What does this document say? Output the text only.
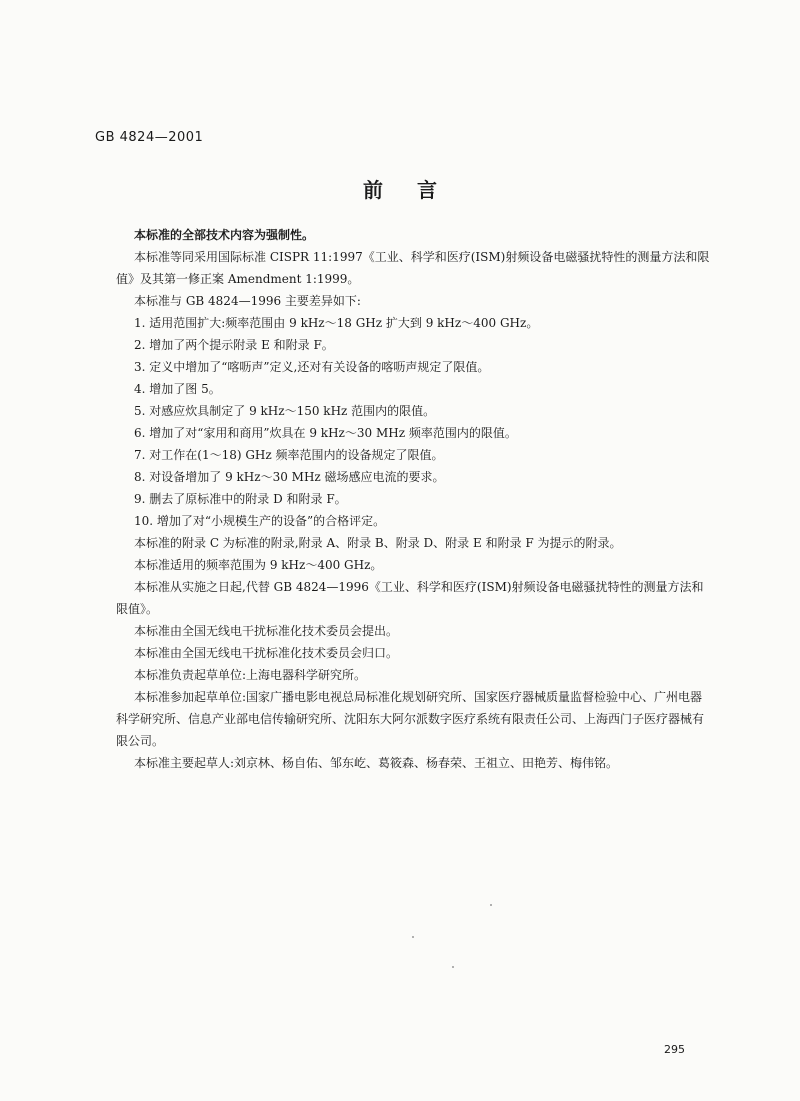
GB 4824—2001
前言

本标准的全部技术内容为强制性。

本标准等同采用国际标准 CISPR 11:1997《工业、科学和医疗(ISM)射频设备电磁骚扰特性的测量方法和限值》及其第一修正案 Amendment 1:1999。

本标准与 GB 4824—1996 主要差异如下:

1. 适用范围扩大:频率范围由 9 kHz～18 GHz 扩大到 9 kHz～400 GHz。

2. 增加了两个提示附录 E 和附录 F。

3. 定义中增加了“喀呖声”定义,还对有关设备的喀呖声规定了限值。

4. 增加了图 5。

5. 对感应炊具制定了 9 kHz～150 kHz 范围内的限值。

6. 增加了对“家用和商用”炊具在 9 kHz～30 MHz 频率范围内的限值。

7. 对工作在(1～18) GHz 频率范围内的设备规定了限值。

8. 对设备增加了 9 kHz～30 MHz 磁场感应电流的要求。

9. 删去了原标准中的附录 D 和附录 F。

10. 增加了对“小规模生产的设备”的合格评定。

本标准的附录 C 为标准的附录,附录 A、附录 B、附录 D、附录 E 和附录 F 为提示的附录。

本标准适用的频率范围为 9 kHz～400 GHz。

本标准从实施之日起,代替 GB 4824—1996《工业、科学和医疗(ISM)射频设备电磁骚扰特性的测量方法和限值》。

本标准由全国无线电干扰标准化技术委员会提出。

本标准由全国无线电干扰标准化技术委员会归口。

本标准负责起草单位:上海电器科学研究所。

本标准参加起草单位:国家广播电影电视总局标准化规划研究所、国家医疗器械质量监督检验中心、广州电器科学研究所、信息产业部电信传输研究所、沈阳东大阿尔派数字医疗系统有限责任公司、上海西门子医疗器械有限公司。

本标准主要起草人:刘京林、杨自佑、邹东屹、葛筱森、杨春荣、王祖立、田艳芳、梅伟铭。

295
